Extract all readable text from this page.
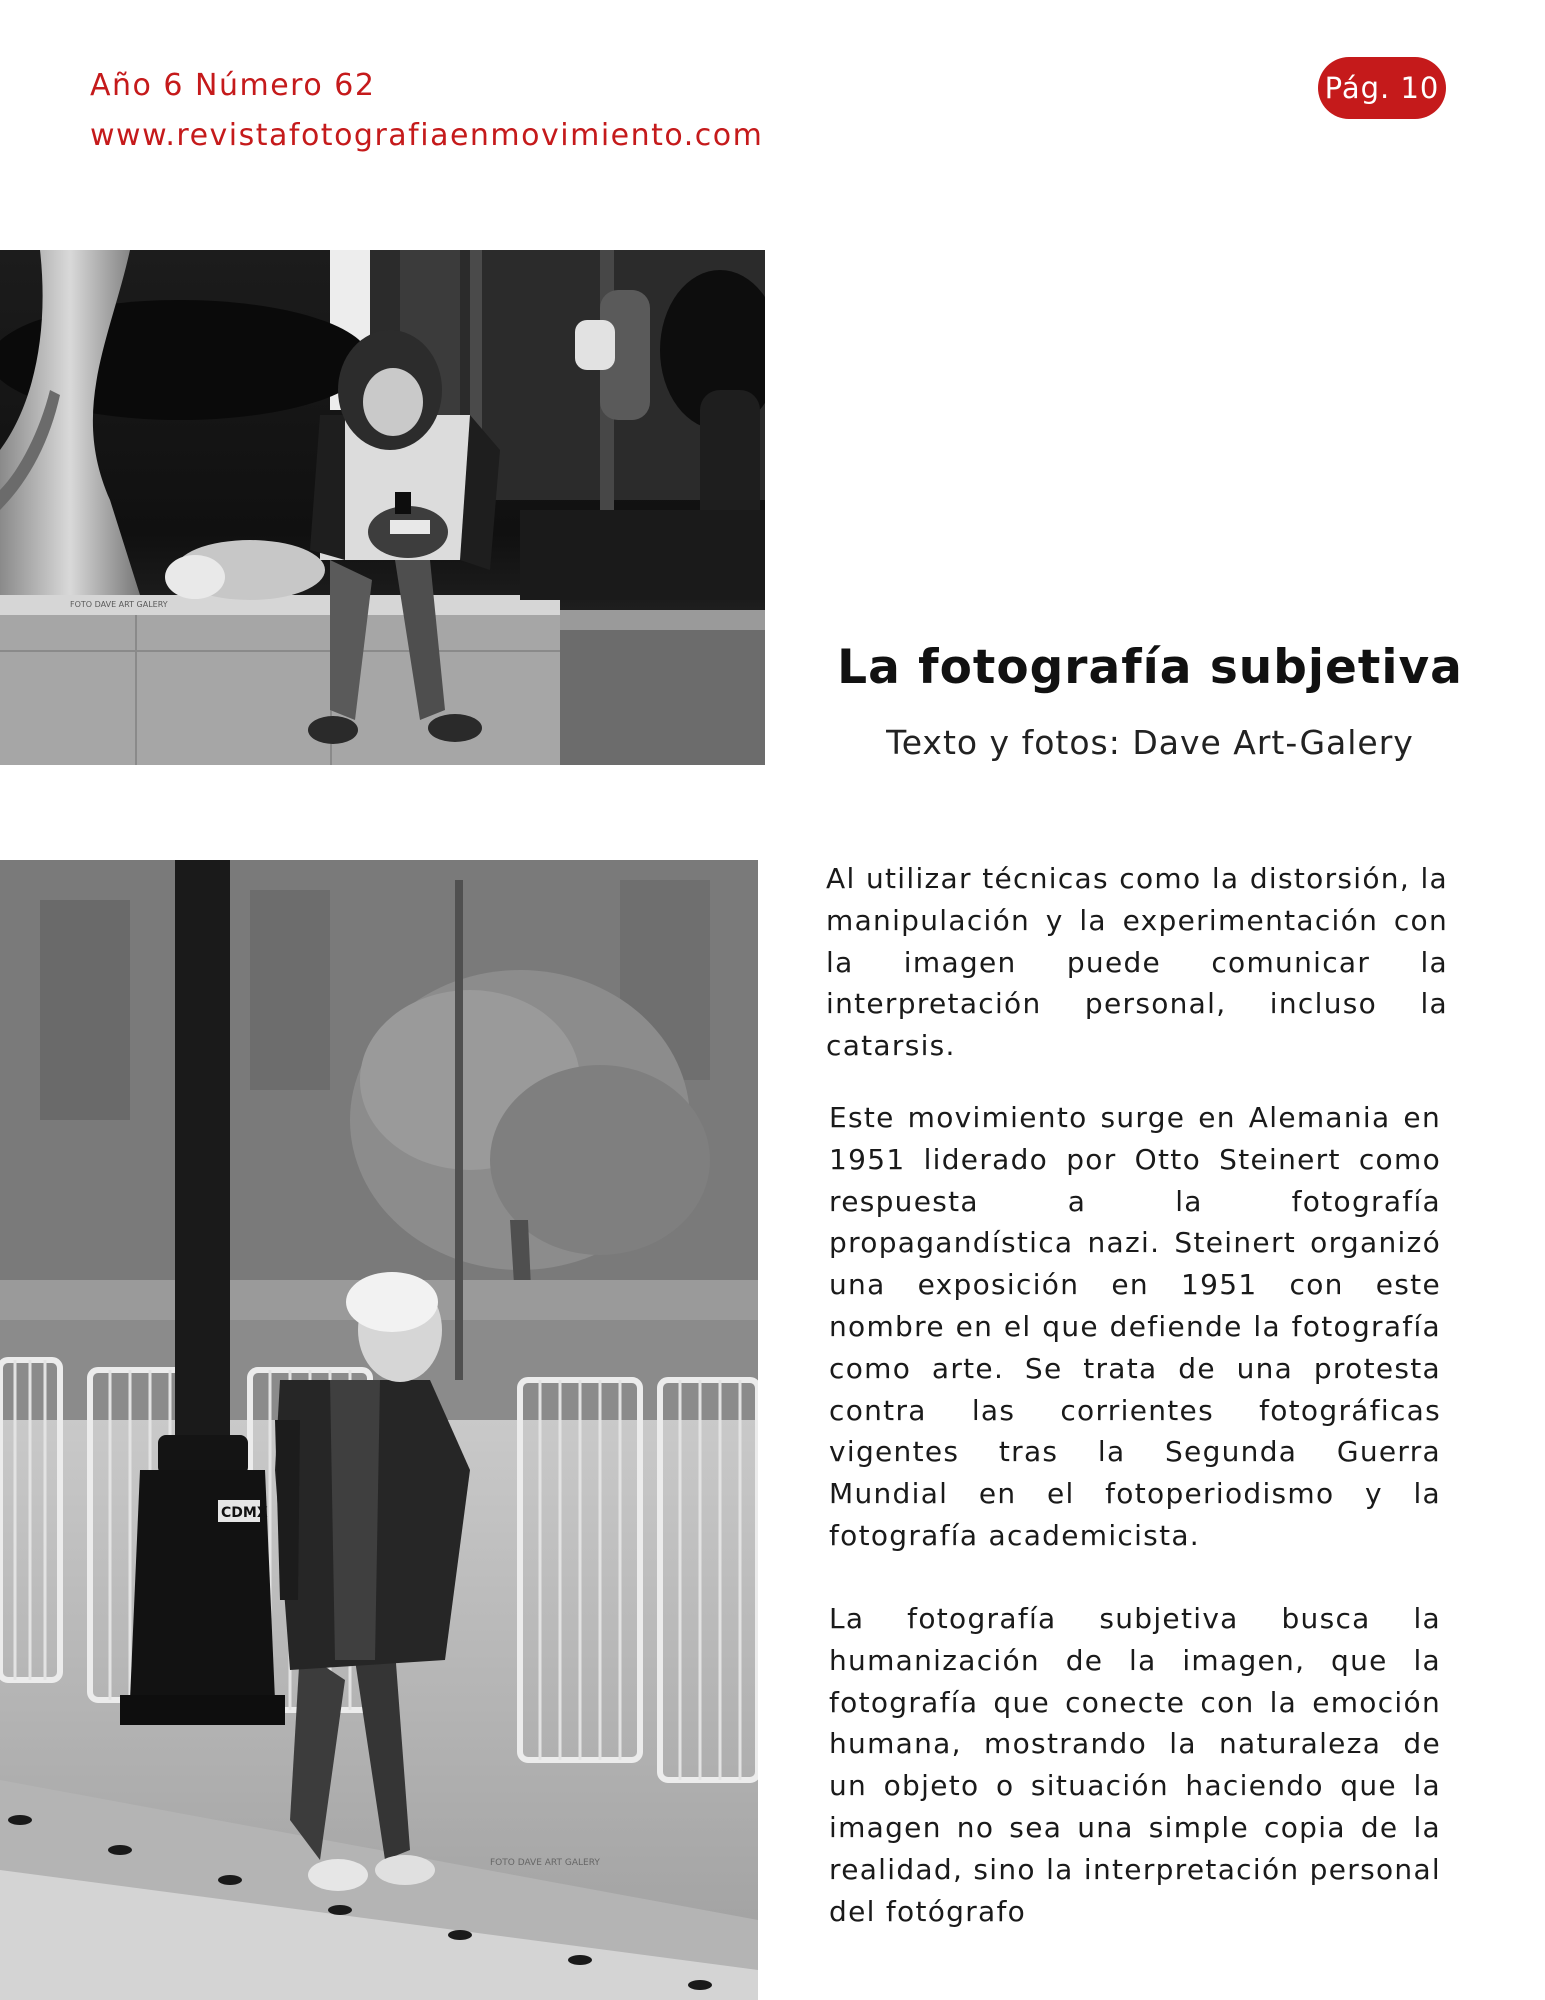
Año 6 Número 62
www.revistafotografiaenmovimiento.com
Pág. 10
FOTO DAVE ART GALERY
CDMX
FOTO DAVE ART GALERY
La fotografía subjetiva

Texto y fotos: Dave Art-Galery

Al utilizar técnicas como la distorsión, la manipulación y la experimentación con la imagen puede comunicar la interpretación personal, incluso la catarsis.

Este movimiento surge en Alemania en 1951 liderado por Otto Steinert como respuesta a la fotografía propagandística nazi. Steinert organizó una exposición en 1951 con este nombre en el que defiende la fotografía como arte. Se trata de una protesta contra las corrientes fotográficas vigentes tras la Segunda Guerra Mundial en el fotoperiodismo y la fotografía academicista.

La fotografía subjetiva busca la humanización de la imagen, que la fotografía que conecte con la emoción humana, mostrando la naturaleza de un objeto o situación haciendo que la imagen no sea una simple copia de la realidad, sino la interpretación personal del fotógrafo
